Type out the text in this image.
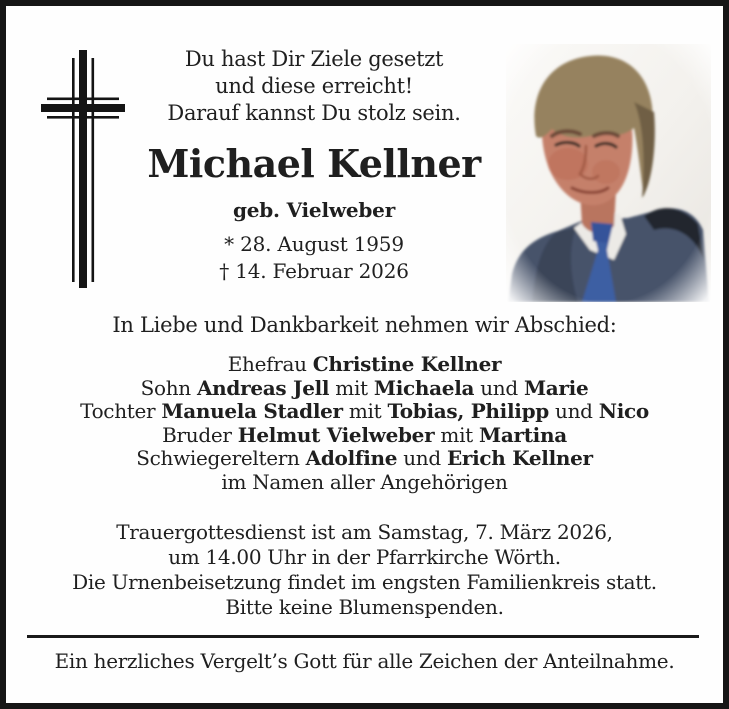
Du hast Dir Ziele gesetzt
und diese erreicht!
Darauf kannst Du stolz sein.
Michael Kellner
geb. Vielweber
* 28. August 1959
† 14. Februar 2026
In Liebe und Dankbarkeit nehmen wir Abschied:
Ehefrau Christine Kellner
Sohn Andreas Jell mit Michaela und Marie
Tochter Manuela Stadler mit Tobias, Philipp und Nico
Bruder Helmut Vielweber mit Martina
Schwiegereltern Adolfine und Erich Kellner
im Namen aller Angehörigen
Trauergottesdienst ist am Samstag, 7. März 2026,
um 14.00 Uhr in der Pfarrkirche Wörth.
Die Urnenbeisetzung findet im engsten Familienkreis statt.
Bitte keine Blumenspenden.
Ein herzliches Vergelt’s Gott für alle Zeichen der Anteilnahme.
